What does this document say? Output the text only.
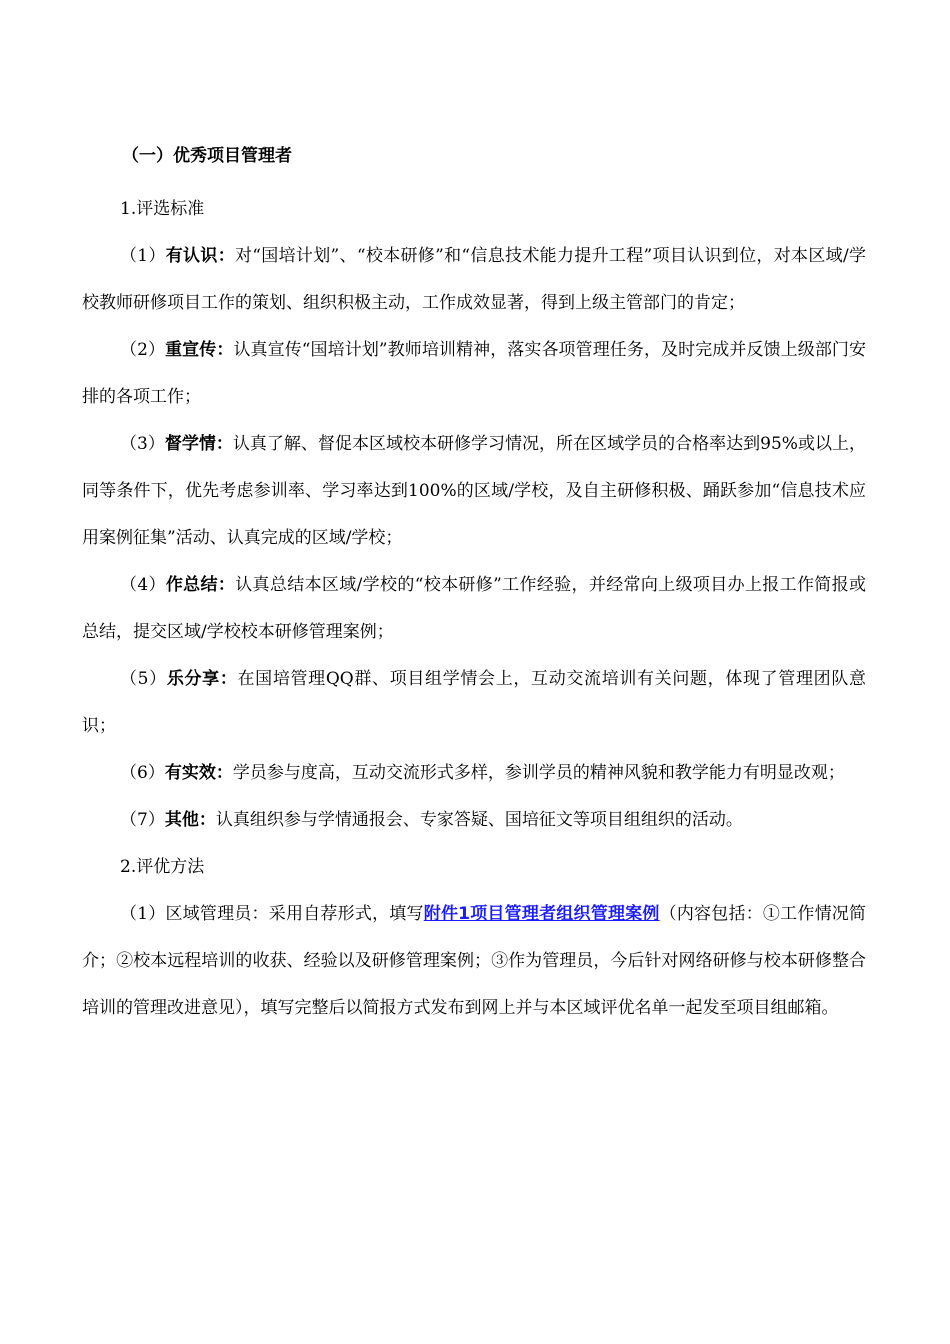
（一）优秀项目管理者

1.评选标准

（1）有认识：对“国培计划”、“校本研修”和“信息技术能力提升工程”项目认识到位，对本区域/学校教师研修项目工作的策划、组织积极主动，工作成效显著，得到上级主管部门的肯定；

（2）重宣传：认真宣传“国培计划”教师培训精神，落实各项管理任务，及时完成并反馈上级部门安排的各项工作；

（3）督学情：认真了解、督促本区域校本研修学习情况，所在区域学员的合格率达到95%或以上，同等条件下，优先考虑参训率、学习率达到100%的区域/学校，及自主研修积极、踊跃参加“信息技术应用案例征集”活动、认真完成的区域/学校；

（4）作总结：认真总结本区域/学校的“校本研修”工作经验，并经常向上级项目办上报工作简报或总结，提交区域/学校校本研修管理案例；

（5）乐分享：在国培管理QQ群、项目组学情会上，互动交流培训有关问题，体现了管理团队意识；

（6）有实效：学员参与度高，互动交流形式多样，参训学员的精神风貌和教学能力有明显改观；

（7）其他：认真组织参与学情通报会、专家答疑、国培征文等项目组组织的活动。

2.评优方法

（1）区域管理员：采用自荐形式，填写附件1项目管理者组织管理案例（内容包括：①工作情况简介；②校本远程培训的收获、经验以及研修管理案例；③作为管理员，今后针对网络研修与校本研修整合培训的管理改进意见），填写完整后以简报方式发布到网上并与本区域评优名单一起发至项目组邮箱。
